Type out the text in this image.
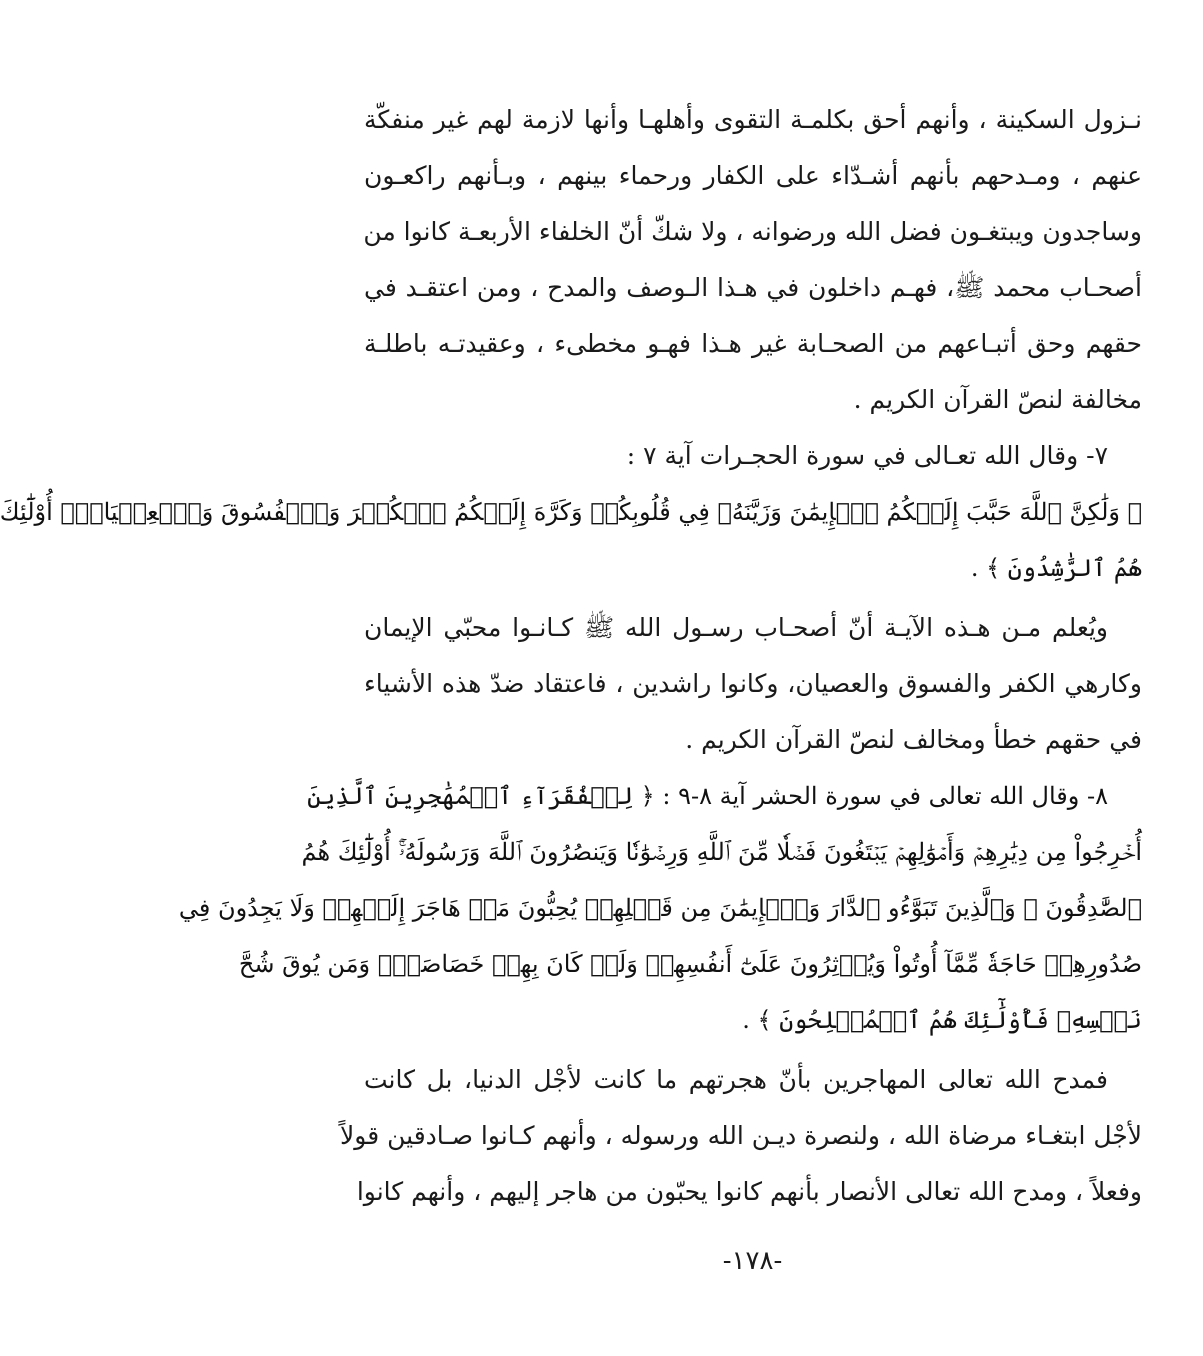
نـزول السكينة ، وأنهم أحق بكلمـة التقوى وأهلهـا وأنها لازمة لهم غير منفكّة
عنهم ، ومـدحهم بأنهم أشـدّاء على الكفار ورحماء بينهم ، وبـأنهم راكعـون
وساجدون ويبتغـون فضل الله ورضوانه ، ولا شكّ أنّ الخلفاء الأربعـة كانوا من
أصحـاب محمد ﷺ، فهـم داخلون في هـذا الـوصف والمدح ، ومن اعتقـد في
حقهم وحق أتبـاعهم من الصحـابة غير هـذا فهـو مخطىء ، وعقيدتـه باطلـة
مخالفة لنصّ القرآن الكريم .
٧- وقال الله تعـالى في سورة الحجـرات آية ٧ :
﴿ وَلَٰكِنَّ ٱللَّهَ حَبَّبَ إِلَيۡكُمُ ٱلۡإِيمَٰنَ وَزَيَّنَهُۥ فِي قُلُوبِكُمۡ وَكَرَّهَ إِلَيۡكُمُ ٱلۡكُفۡرَ وَٱلۡفُسُوقَ وَٱلۡعِصۡيَانَۚ أُوْلَٰٓئِكَ
هُمُ ٱلرَّٰشِدُونَ ﴾ .
ويُعلم مـن هـذه الآيـة أنّ أصحـاب رسـول الله ﷺ كـانـوا محبّي الإيمان
وكارهي الكفر والفسوق والعصيان، وكانوا راشدين ، فاعتقاد ضدّ هذه الأشياء
في حقهم خطأ ومخالف لنصّ القرآن الكريم .
٨- وقال الله تعالى في سورة الحشر آية ٨-٩ : ﴿ لِلۡفُقَرَآءِ ٱلۡمُهَٰجِرِينَ ٱلَّذِينَ
أُخۡرِجُواْ مِن دِيَٰرِهِمۡ وَأَمۡوَٰلِهِمۡ يَبۡتَغُونَ فَضۡلٗا مِّنَ ٱللَّهِ وَرِضۡوَٰنٗا وَيَنصُرُونَ ٱللَّهَ وَرَسُولَهُۥٓۚ أُوْلَٰٓئِكَ هُمُ
ٱلصَّٰدِقُونَ ۞ وَٱلَّذِينَ تَبَوَّءُو ٱلدَّارَ وَٱلۡإِيمَٰنَ مِن قَبۡلِهِمۡ يُحِبُّونَ مَنۡ هَاجَرَ إِلَيۡهِمۡ وَلَا يَجِدُونَ فِي
صُدُورِهِمۡ حَاجَةٗ مِّمَّآ أُوتُواْ وَيُؤۡثِرُونَ عَلَىٰٓ أَنفُسِهِمۡ وَلَوۡ كَانَ بِهِمۡ خَصَاصَةٞۚ وَمَن يُوقَ شُحَّ
نَفۡسِهِۦ فَأُوْلَٰٓئِكَ هُمُ ٱلۡمُفۡلِحُونَ ﴾ .
فمدح الله تعالى المهاجرين بأنّ هجرتهم ما كانت لأجْل الدنيا، بل كانت
لأجْل ابتغـاء مرضاة الله ، ولنصرة ديـن الله ورسوله ، وأنهم كـانوا صـادقين قولاً
وفعلاً ، ومدح الله تعالى الأنصار بأنهم كانوا يحبّون من هاجر إليهم ، وأنهم كانوا
-١٧٨-
